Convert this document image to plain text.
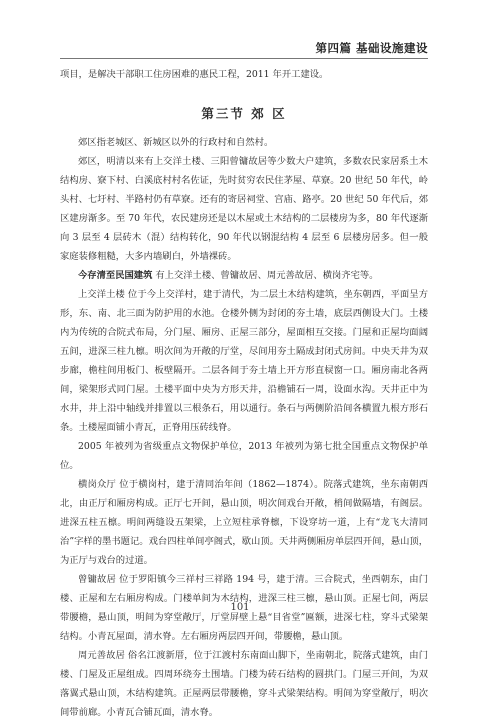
第四篇 基础设施建设

项目，是解决干部职工住房困难的惠民工程，2011 年开工建设。

第三节 郊 区

郊区指老城区、新城区以外的行政村和自然村。

郊区，明清以来有上交洋土楼、三阳曾镛故居等少数大户建筑，多数农民家居系土木结构房、寮下村、白溪底村村名佐证，先时贫穷农民住茅屋、草寮。20 世纪 50 年代，岭头村、七圩村、半路村仍有草寮。还有的寄居祠堂、宫庙、路亭。20 世纪 50 年代后，郊区建房渐多。至 70 年代，农民建房还是以木屋或土木结构的二层楼房为多，80 年代逐渐向 3 层至 4 层砖木（混）结构转化，90 年代以钢混结构 4 层至 6 层楼房居多。但一般家庭装修粗糙，大多内墙刷白，外墙裸砖。

今存清至民国建筑 有上交洋土楼、曾镛故居、周元善故居、横岗齐宅等。

上交洋土楼 位于今上交洋村，建于清代，为二层土木结构建筑，坐东朝西，平面呈方形，东、南、北三面为防护用的水池。仓楼外侧为封闭的夯土墙，底层西侧设大门。土楼内为传统的合院式布局，分门屋、厢房、正屋三部分，屋面相互交接。门屋和正屋均面阔五间，进深三柱九檩。明次间为开敞的厅堂，尽间用夯土隔成封闭式房间。中央天井为双步廊，檐柱间用板门、板壁隔开。二层各间于夯土墙上开方形直棂窗一口。厢房南北各两间，梁架形式同门屋。土楼平面中央为方形天井，沿檐铺石一周，设面水沟。天井正中为水井，井上沿中轴线并排置以三根条石，用以通行。条石与两侧阶沿间各横置九根方形石条。土楼屋面铺小青瓦，正脊用压砖线脊。

2005 年被列为省级重点文物保护单位，2013 年被列为第七批全国重点文物保护单位。

横岗众厅 位于横岗村，建于清同治年间（1862—1874）。院落式建筑，坐东南朝西北，由正厅和厢房构成。正厅七开间，悬山顶，明次间戏台开敞，梢间做隔墙，有阁层。进深五柱五檩。明间两缝设五架梁，上立短柱承脊檩，下设穿坊一道，上有“龙飞大清同治”字样的墨书题记。戏台四柱单间亭阁式，歇山顶。天井两侧厢房单层四开间，悬山顶，为正厅与戏台的过道。

曾镛故居 位于罗阳镇今三祥村三祥路 194 号，建于清。三合院式，坐西朝东，由门楼、正屋和左右厢房构成。门楼单间为木结构，进深三柱三檩，悬山顶。正屋七间，两层带腰檐，悬山顶，明间为穿堂敞厅，厅堂屏壁上悬“目省堂”匾额，进深七柱，穿斗式梁架结构。小青瓦屋面，清水脊。左右厢房两层四开间，带腰檐，悬山顶。

周元善故居 俗名江渡新厝，位于江渡村东南面山脚下，坐南朝北，院落式建筑，由门楼、门屋及正屋组成。四周环绕夯土围墙。门楼为砖石结构的圆拱门。门屋三开间，为双落翼式悬山顶，木结构建筑。正屋两层带腰檐，穿斗式梁架结构。明间为穿堂敞厅，明次间带前廊。小青瓦合铺瓦面，清水脊。

101
